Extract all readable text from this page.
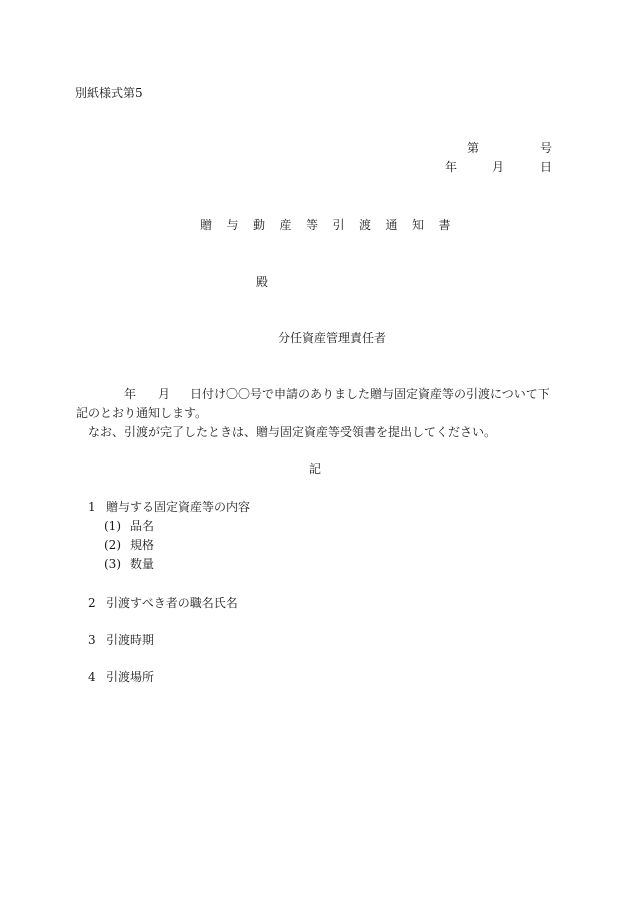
別紙様式第5
第	号
年	月	日
贈与動産等引渡通知書
殿
分任資産管理責任者
年 月 日付け〇〇号で申請のありました贈与固定資産等の引渡について下
記のとおり通知します。
なお、引渡が完了したときは、贈与固定資産等受領書を提出してください。
記
1 贈与する固定資産等の内容
(1) 品名
(2) 規格
(3) 数量
2 引渡すべき者の職名氏名
3 引渡時期
4 引渡場所
